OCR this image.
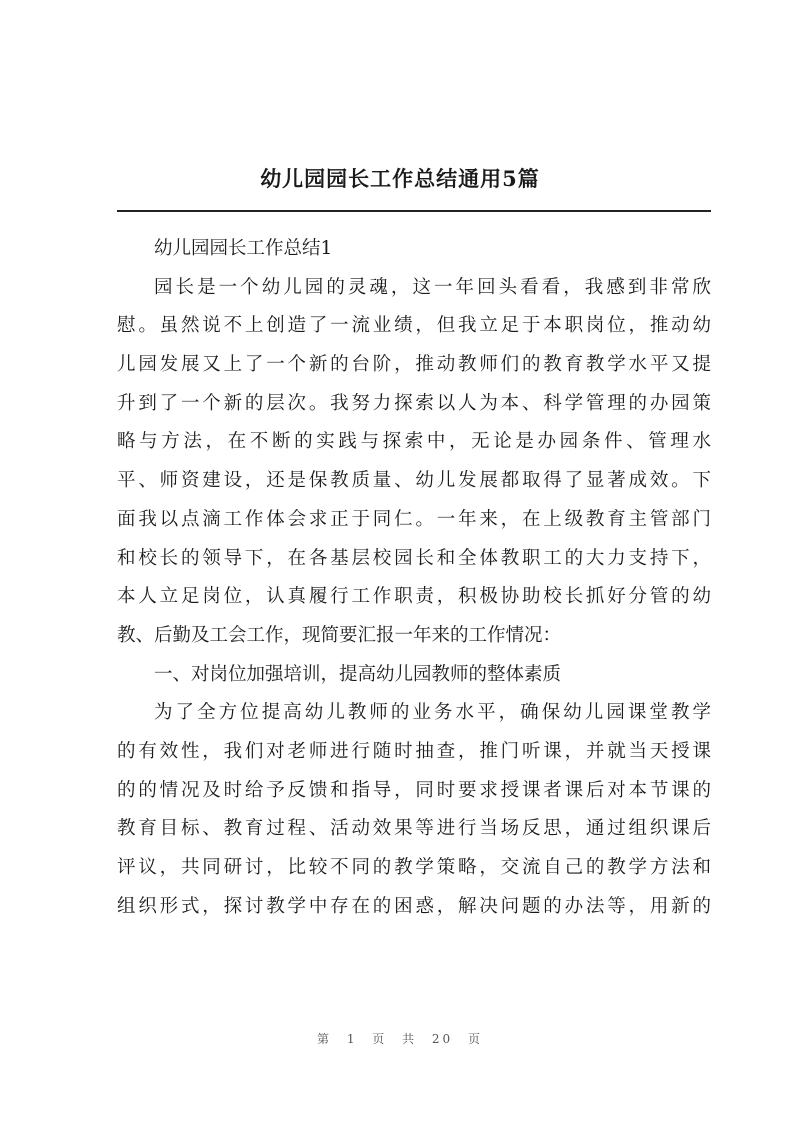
幼儿园园长工作总结通用5篇
幼儿园园长工作总结1
园长是一个幼儿园的灵魂，这一年回头看看，我感到非常欣
慰。虽然说不上创造了一流业绩，但我立足于本职岗位，推动幼
儿园发展又上了一个新的台阶，推动教师们的教育教学水平又提
升到了一个新的层次。我努力探索以人为本、科学管理的办园策
略与方法，在不断的实践与探索中，无论是办园条件、管理水
平、师资建设，还是保教质量、幼儿发展都取得了显著成效。下
面我以点滴工作体会求正于同仁。一年来，在上级教育主管部门
和校长的领导下，在各基层校园长和全体教职工的大力支持下，
本人立足岗位，认真履行工作职责，积极协助校长抓好分管的幼
教、后勤及工会工作，现简要汇报一年来的工作情况：
一、对岗位加强培训，提高幼儿园教师的整体素质
为了全方位提高幼儿教师的业务水平，确保幼儿园课堂教学
的有效性，我们对老师进行随时抽查，推门听课，并就当天授课
的的情况及时给予反馈和指导，同时要求授课者课后对本节课的
教育目标、教育过程、活动效果等进行当场反思，通过组织课后
评议，共同研讨，比较不同的教学策略，交流自己的教学方法和
组织形式，探讨教学中存在的困惑，解决问题的办法等，用新的
第 1 页 共 20 页
